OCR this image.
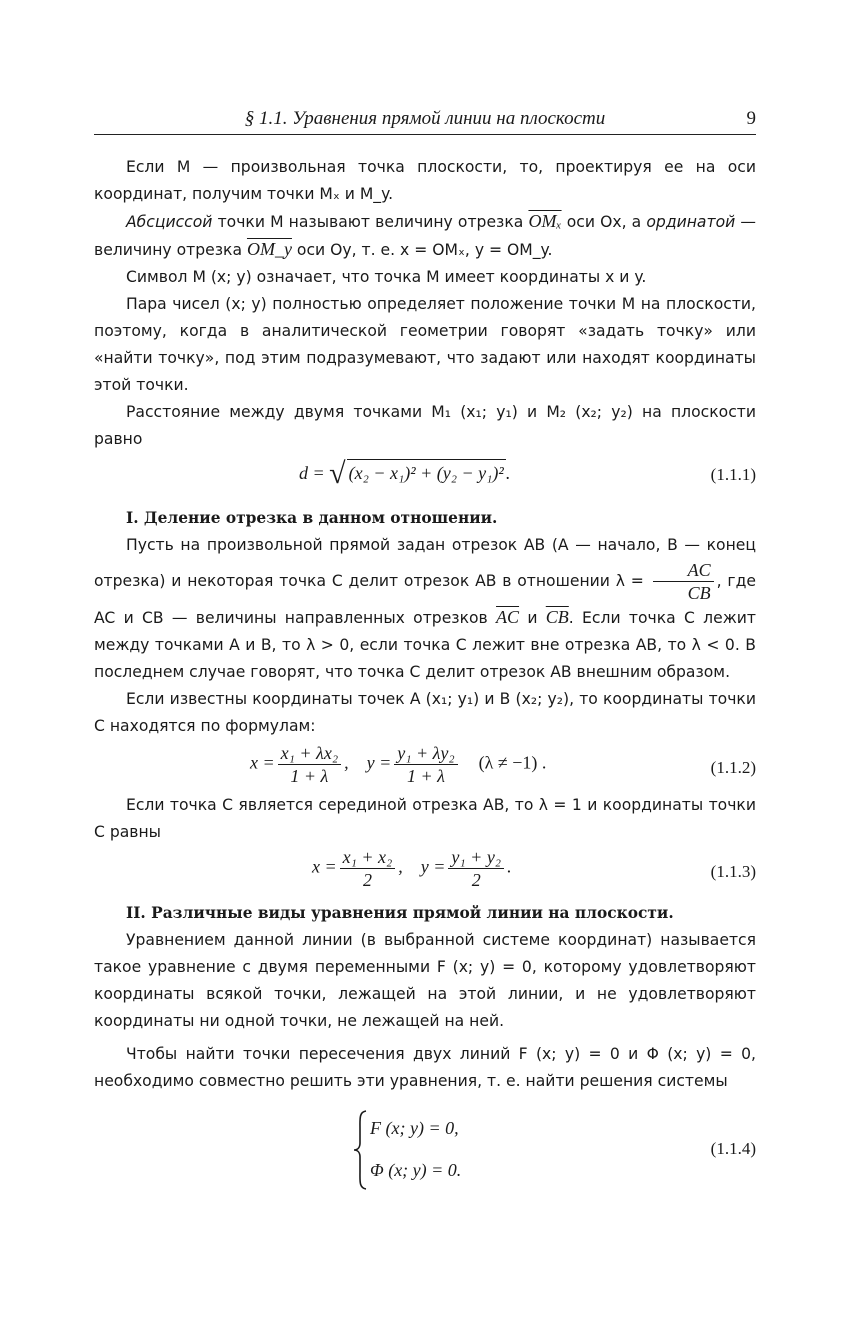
§ 1.1. Уравнения прямой линии на плоскости	9

Если M — произвольная точка плоскости, то, проектируя ее на оси координат, получим точки Mₓ и M_y.

Абсциссой точки M называют величину отрезка $\overline{OM_x}$ оси Ox, а ординатой — величину отрезка OM_y оси Oy, т. е. x = OMₓ, y = OM_y.

Символ M (x; y) означает, что точка M имеет координаты x и y.

Пара чисел (x; y) полностью определяет положение точки M на плоскости, поэтому, когда в аналитической геометрии говорят «задать точку» или «найти точку», под этим подразумевают, что задают или находят координаты этой точки.

Расстояние между двумя точками M₁ (x₁; y₁) и M₂ (x₂; y₂) на плоскости равно

d = √ (x₂ − x₁)² + (y₂ − y₁)² .	(1.1.1)
I. Деление отрезка в данном отношении.

Пусть на произвольной прямой задан отрезок AB (A — начало, B — конец отрезка) и некоторая точка C делит отрезок AB в отношении $\lambda = \frac{AC}{CB}$ , где AC и CB — величины направленных отрезков $\overline{AC}$ и $\overline{CB}$. Если точка C лежит между точками A и B, то λ > 0, если точка C лежит вне отрезка AB, то λ < 0. В последнем случае говорят, что точка C делит отрезок AB внешним образом.

Если известны координаты точек A (x₁; y₁) и B (x₂; y₂), то координаты точки C находятся по формулам:

$x = \frac{\text{x₁ + λx₂}}{1 + \lambda}$ ,    $y = \frac{\text{y₁ + λy₂}}{1 + \lambda} (\lambda \ne -1)$ .	(1.1.2)

Если точка C является серединой отрезка AB, то λ = 1 и координаты точки C равны

$x = \frac{\text{x₁ + x₂}}{2}$ ,    $y = \frac{\text{y₁ + y₂}}{2}$ .	(1.1.3)
II. Различные виды уравнения прямой линии на плоскости.

Уравнением данной линии (в выбранной системе координат) называется такое уравнение с двумя переменными F (x; y) = 0, которому удовлетворяют координаты всякой точки, лежащей на этой линии, и не удовлетворяют координаты ни одной точки, не лежащей на ней.

Чтобы найти точки пересечения двух линий F (x; y) = 0 и Φ (x; y) = 0, необходимо совместно решить эти уравнения, т. е. найти решения системы

F (x; y) = 0,
Φ (x; y) = 0.
(1.1.4)
